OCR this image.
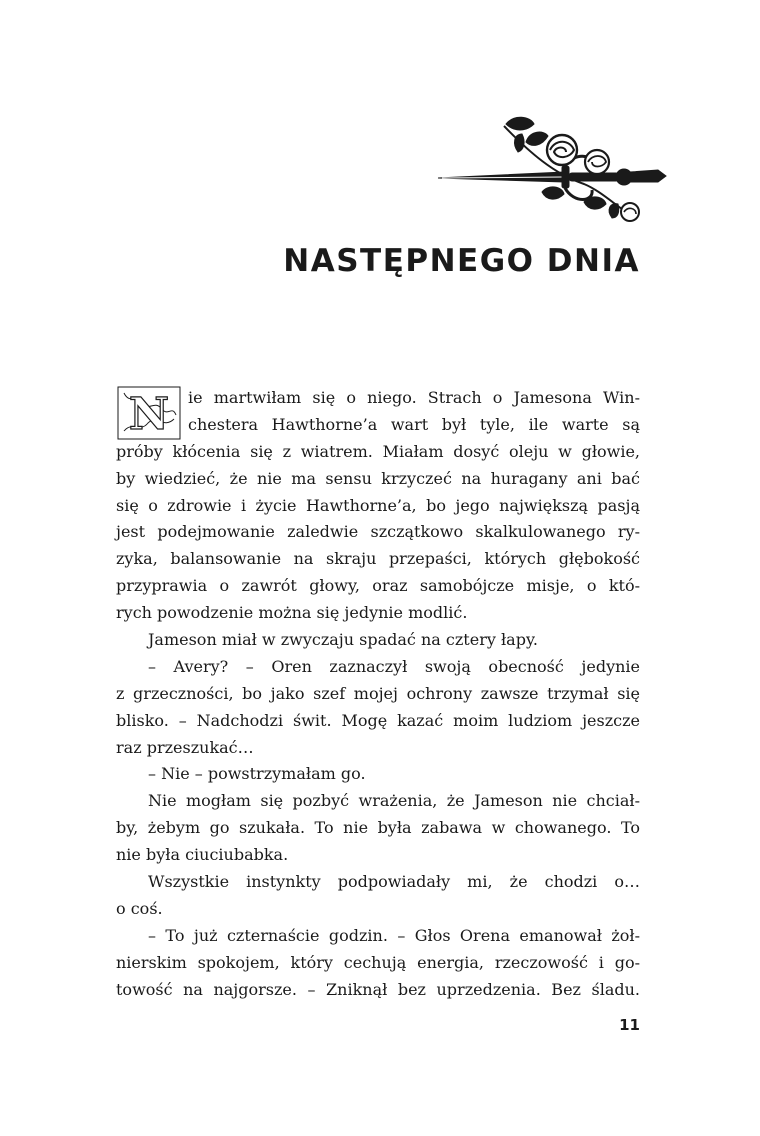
NASTĘPNEGO DNIA
N	ie martwiłam się o niego. Strach o Jamesona Win-
chestera Hawthorne’a wart był tyle, ile warte są
próby kłócenia się z wiatrem. Miałam dosyć oleju w głowie,
by wiedzieć, że nie ma sensu krzyczeć na huragany ani bać
się o zdrowie i życie Hawthorne’a, bo jego największą pasją
jest podejmowanie zaledwie szczątkowo skalkulowanego ry-
zyka, balansowanie na skraju przepaści, których głębokość
przyprawia o zawrót głowy, oraz samobójcze misje, o któ-
rych powodzenie można się jedynie modlić.
Jameson miał w zwyczaju spadać na cztery łapy.
– Avery? – Oren zaznaczył swoją obecność jedynie
z grzeczności, bo jako szef mojej ochrony zawsze trzymał się
blisko. – Nadchodzi świt. Mogę kazać moim ludziom jeszcze
raz przeszukać…
– Nie – powstrzymałam go.
Nie mogłam się pozbyć wrażenia, że Jameson nie chciał-
by, żebym go szukała. To nie była zabawa w chowanego. To
nie była ciuciubabka.
Wszystkie instynkty podpowiadały mi, że chodzi o…
o coś.
– To już czternaście godzin. – Głos Orena emanował żoł-
nierskim spokojem, który cechują energia, rzeczowość i go-
towość na najgorsze. – Zniknął bez uprzedzenia. Bez śladu.
11
